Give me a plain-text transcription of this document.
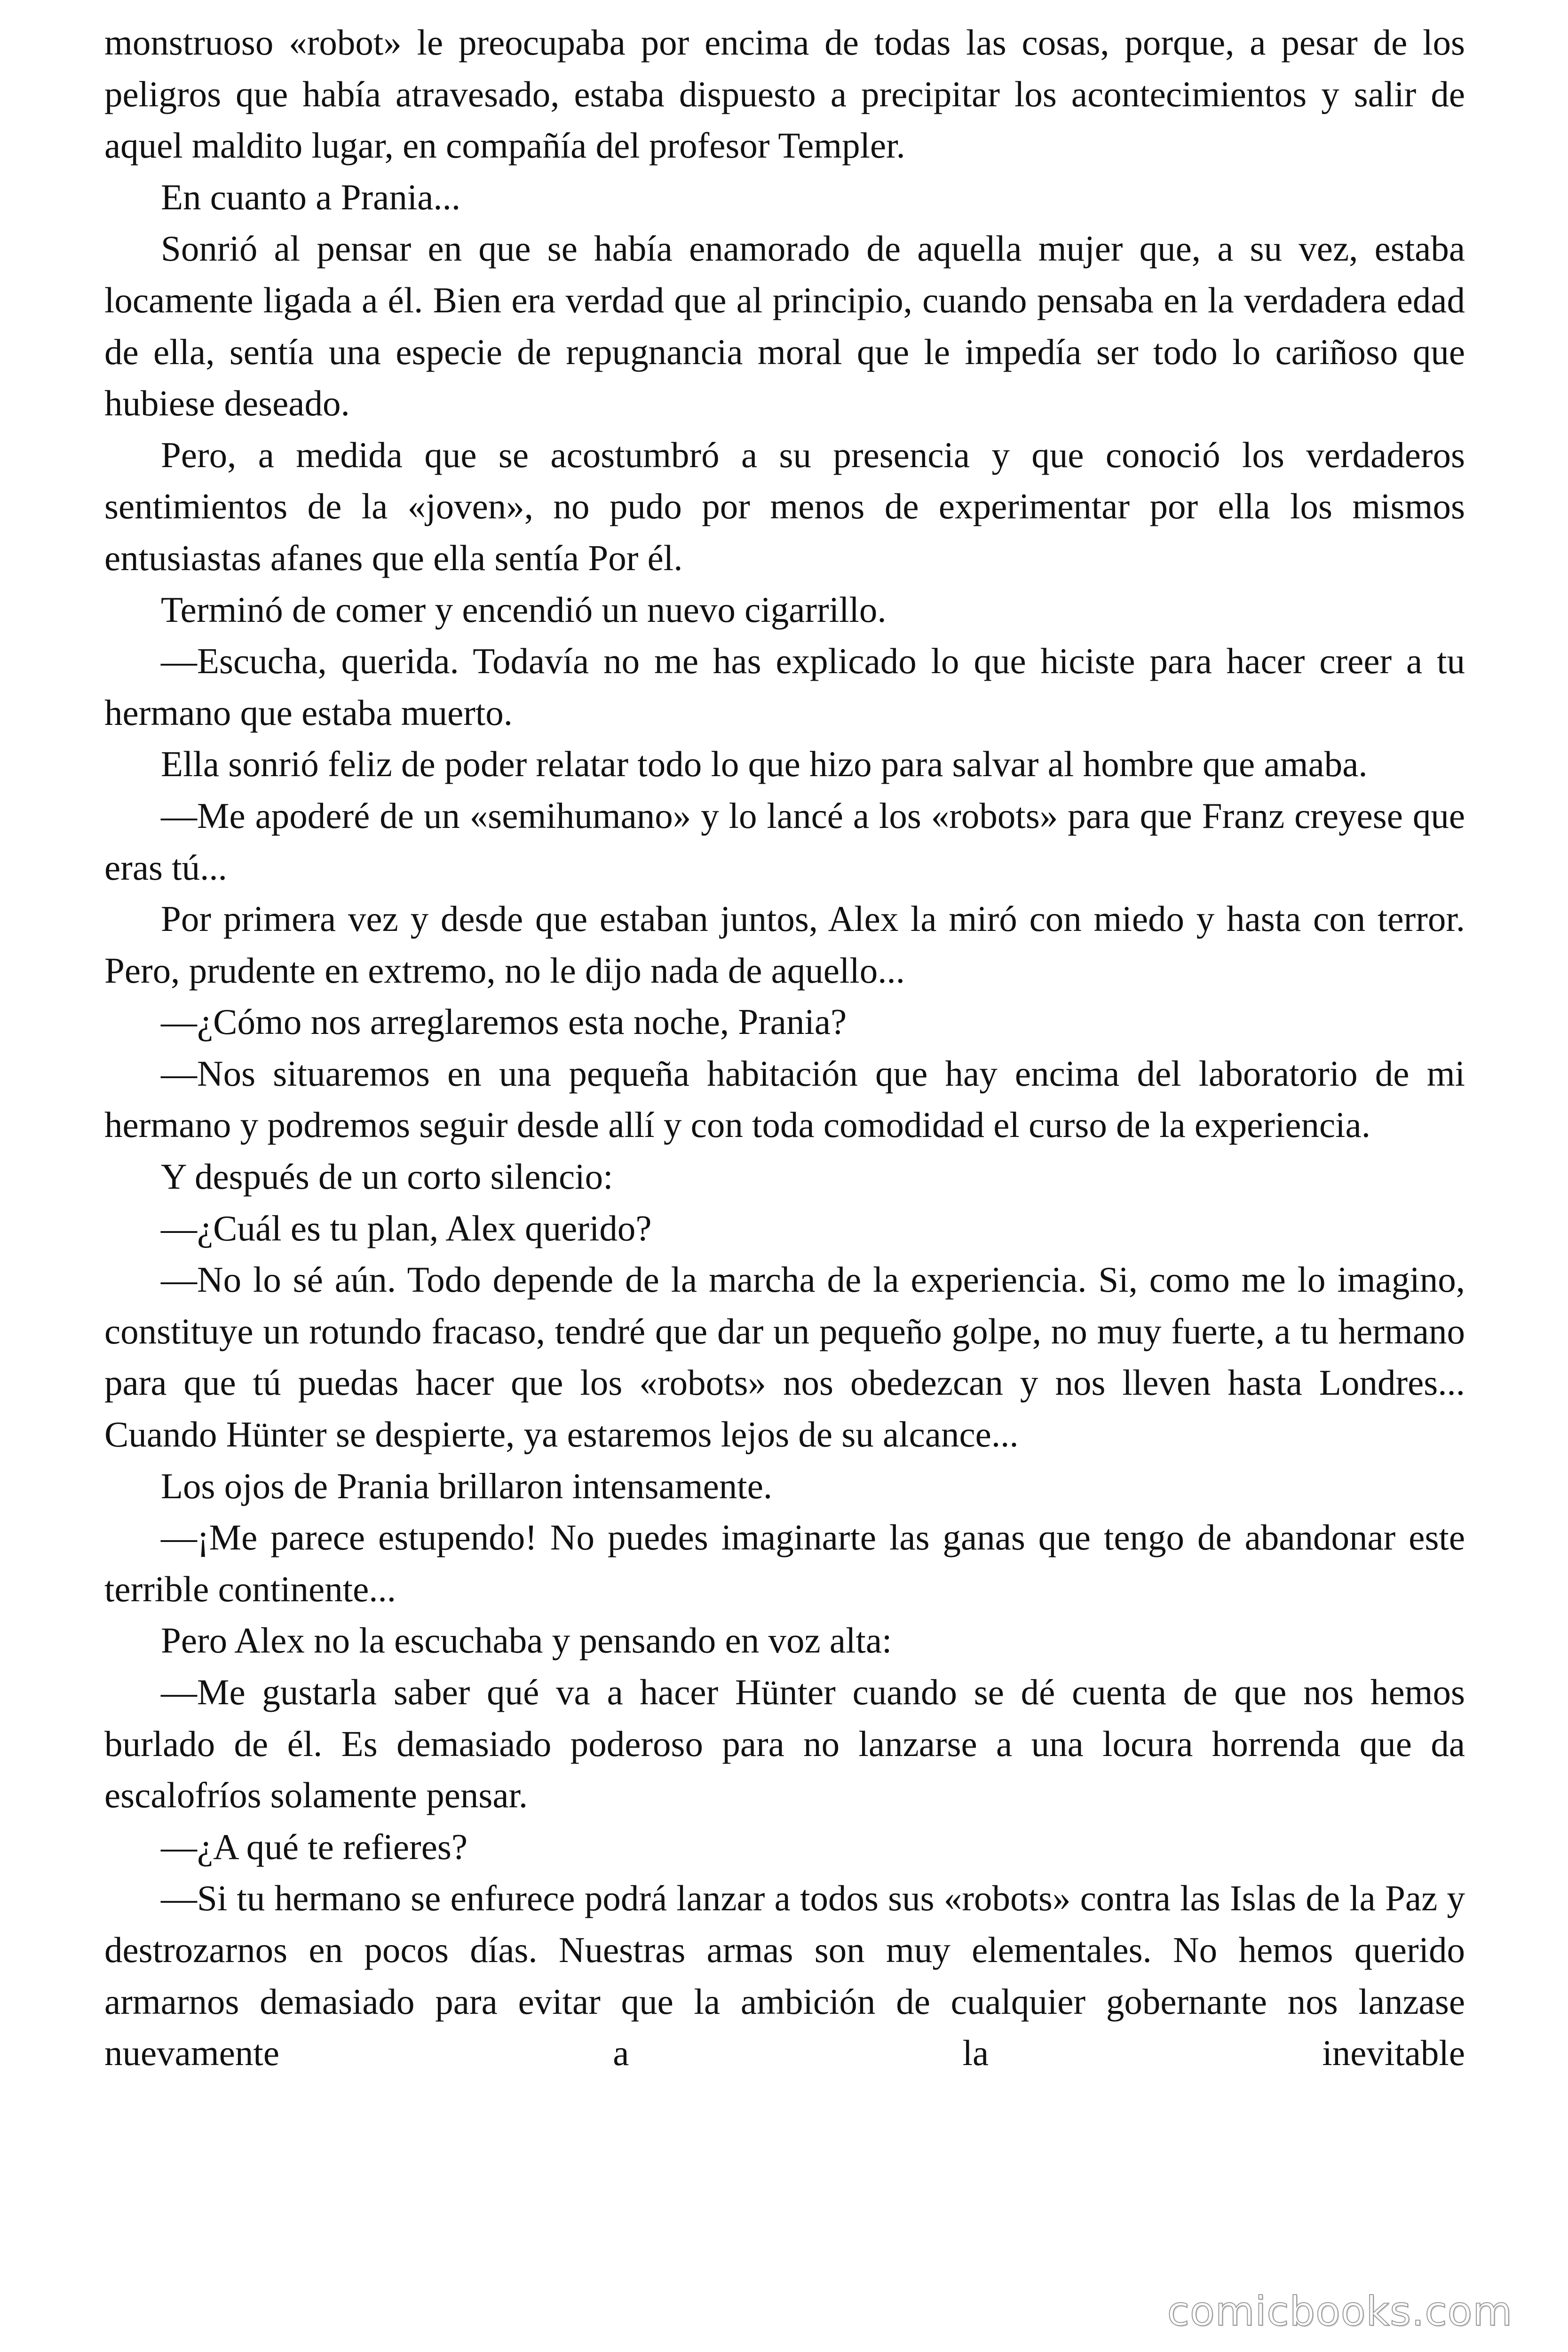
monstruoso «robot» le preocupaba por encima de todas las cosas, porque, a pesar de los peligros que había atravesado, estaba dispuesto a precipitar los acontecimientos y salir de aquel maldito lugar, en compañía del profesor Templer.

En cuanto a Prania...

Sonrió al pensar en que se había enamorado de aquella mujer que, a su vez, estaba locamente ligada a él. Bien era verdad que al principio, cuando pensaba en la verdadera edad de ella, sentía una especie de repugnancia moral que le impedía ser todo lo cariñoso que hubiese deseado.

Pero, a medida que se acostumbró a su presencia y que conoció los verdaderos sentimientos de la «joven», no pudo por menos de experimentar por ella los mismos entusiastas afanes que ella sentía Por él.

Terminó de comer y encendió un nuevo cigarrillo.

—Escucha, querida. Todavía no me has explicado lo que hiciste para hacer creer a tu hermano que estaba muerto.

Ella sonrió feliz de poder relatar todo lo que hizo para salvar al hombre que amaba.

—Me apoderé de un «semihumano» y lo lancé a los «robots» para que Franz creyese que eras tú...

Por primera vez y desde que estaban juntos, Alex la miró con miedo y hasta con terror. Pero, prudente en extremo, no le dijo nada de aquello...

—¿Cómo nos arreglaremos esta noche, Prania?

—Nos situaremos en una pequeña habitación que hay encima del laboratorio de mi hermano y podremos seguir desde allí y con toda comodidad el curso de la experiencia.

Y después de un corto silencio:

—¿Cuál es tu plan, Alex querido?

—No lo sé aún. Todo depende de la marcha de la experiencia. Si, como me lo imagino, constituye un rotundo fracaso, tendré que dar un pequeño golpe, no muy fuerte, a tu hermano para que tú puedas hacer que los «robots» nos obedezcan y nos lleven hasta Londres... Cuando Hünter se despierte, ya estaremos lejos de su alcance...

Los ojos de Prania brillaron intensamente.

—¡Me parece estupendo! No puedes imaginarte las ganas que tengo de abandonar este terrible continente...

Pero Alex no la escuchaba y pensando en voz alta:

—Me gustarla saber qué va a hacer Hünter cuando se dé cuenta de que nos hemos burlado de él. Es demasiado poderoso para no lanzarse a una locura horrenda que da escalofríos solamente pensar.

—¿A qué te refieres?

—Si tu hermano se enfurece podrá lanzar a todos sus «robots» contra las Islas de la Paz y destrozarnos en pocos días. Nuestras armas son muy elementales. No hemos querido armarnos demasiado para evitar que la ambición de cualquier gobernante nos lanzase nuevamente a la inevitable

comicbooks.com
